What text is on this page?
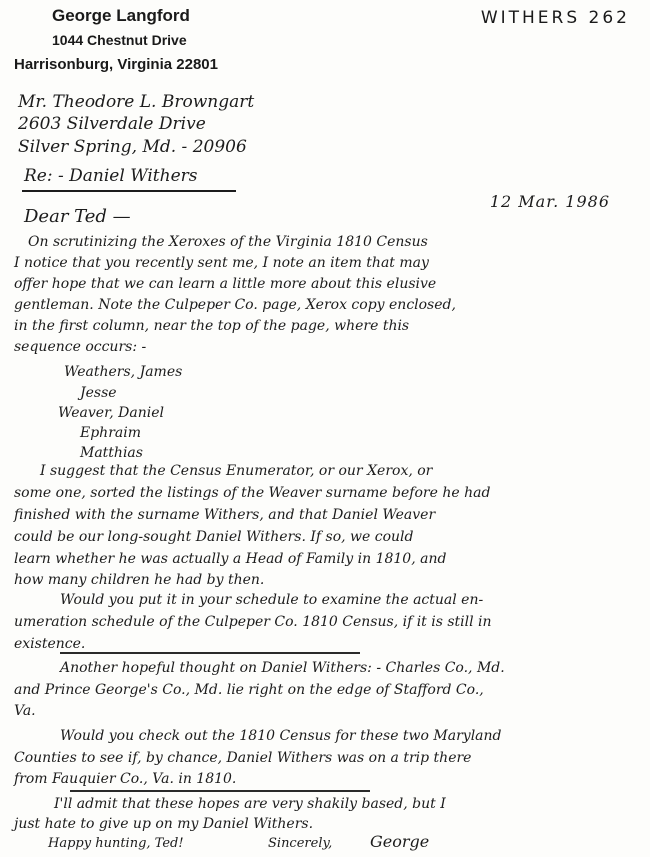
George Langford
1044 Chestnut Drive
Harrisonburg, Virginia 22801
WITHERS 262
Mr. Theodore L. Browngart
2603 Silverdale Drive
Silver Spring, Md. - 20906
Re: - Daniel Withers
12 Mar. 1986
Dear Ted —
On scrutinizing the Xeroxes of the Virginia 1810 Census
I notice that you recently sent me, I note an item that may
offer hope that we can learn a little more about this elusive
gentleman. Note the Culpeper Co. page, Xerox copy enclosed,
in the first column, near the top of the page, where this
sequence occurs: -
Weathers, James
Jesse
Weaver, Daniel
Ephraim
Matthias
I suggest that the Census Enumerator, or our Xerox, or
some one, sorted the listings of the Weaver surname before he had
finished with the surname Withers, and that Daniel Weaver
could be our long-sought Daniel Withers. If so, we could
learn whether he was actually a Head of Family in 1810, and
how many children he had by then.
Would you put it in your schedule to examine the actual en-
umeration schedule of the Culpeper Co. 1810 Census, if it is still in
existence.
Another hopeful thought on Daniel Withers: - Charles Co., Md.
and Prince George's Co., Md. lie right on the edge of Stafford Co.,
Va.
Would you check out the 1810 Census for these two Maryland
Counties to see if, by chance, Daniel Withers was on a trip there
from Fauquier Co., Va. in 1810.
I'll admit that these hopes are very shakily based, but I
just hate to give up on my Daniel Withers.
Happy hunting, Ted!	Sincerely, George
